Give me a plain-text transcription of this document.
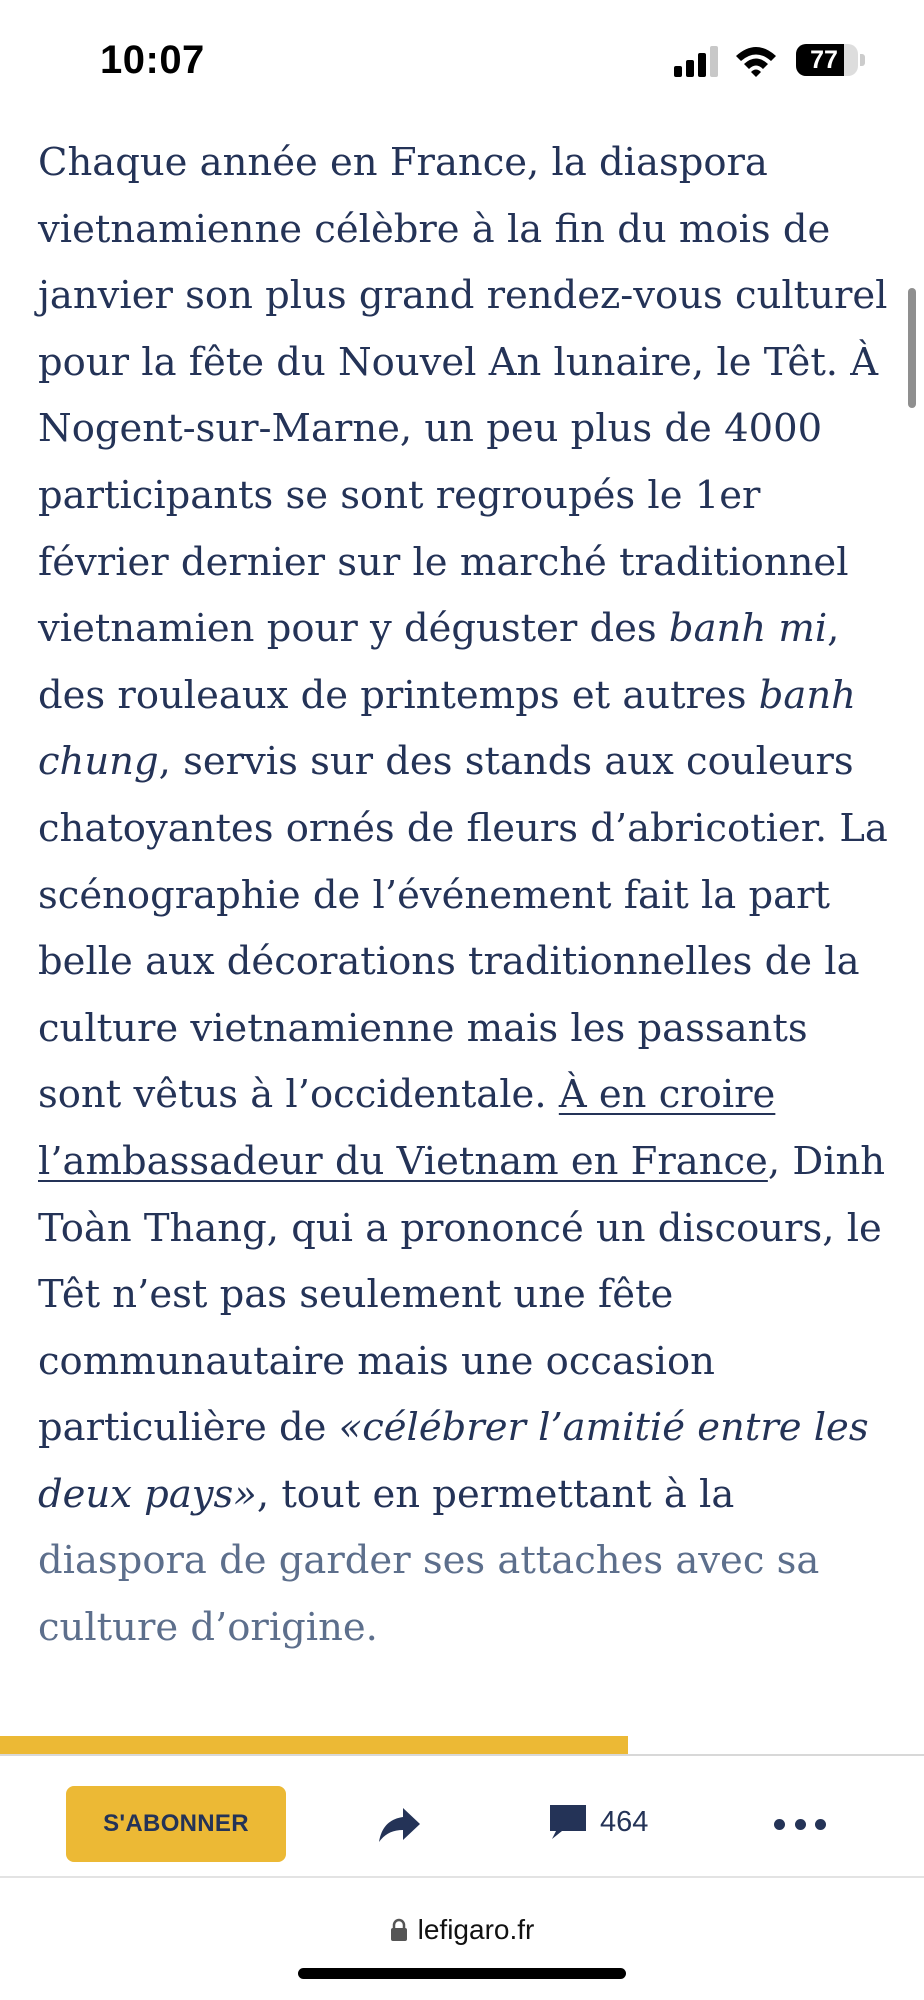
10:07	77

Chaque année en France, la diaspora vietnamienne célèbre à la fin du mois de janvier son plus grand rendez-vous culturel pour la fête du Nouvel An lunaire, le Têt. À Nogent-sur-Marne, un peu plus de 4000 participants se sont regroupés le 1er février dernier sur le marché traditionnel vietnamien pour y déguster des banh mi, des rouleaux de printemps et autres banh chung, servis sur des stands aux couleurs chatoyantes ornés de fleurs d’abricotier. La scénographie de l’événement fait la part belle aux décorations traditionnelles de la culture vietnamienne mais les passants sont vêtus à l’occidentale. À en croire l’ambassadeur du Vietnam en France, Dinh Toàn Thang, qui a prononcé un discours, le Têt n’est pas seulement une fête communautaire mais une occasion particulière de «célébrer l’amitié entre les deux pays», tout en permettant à la diaspora de garder ses attaches avec sa culture d’origine.

S'ABONNER	464
lefigaro.fr
